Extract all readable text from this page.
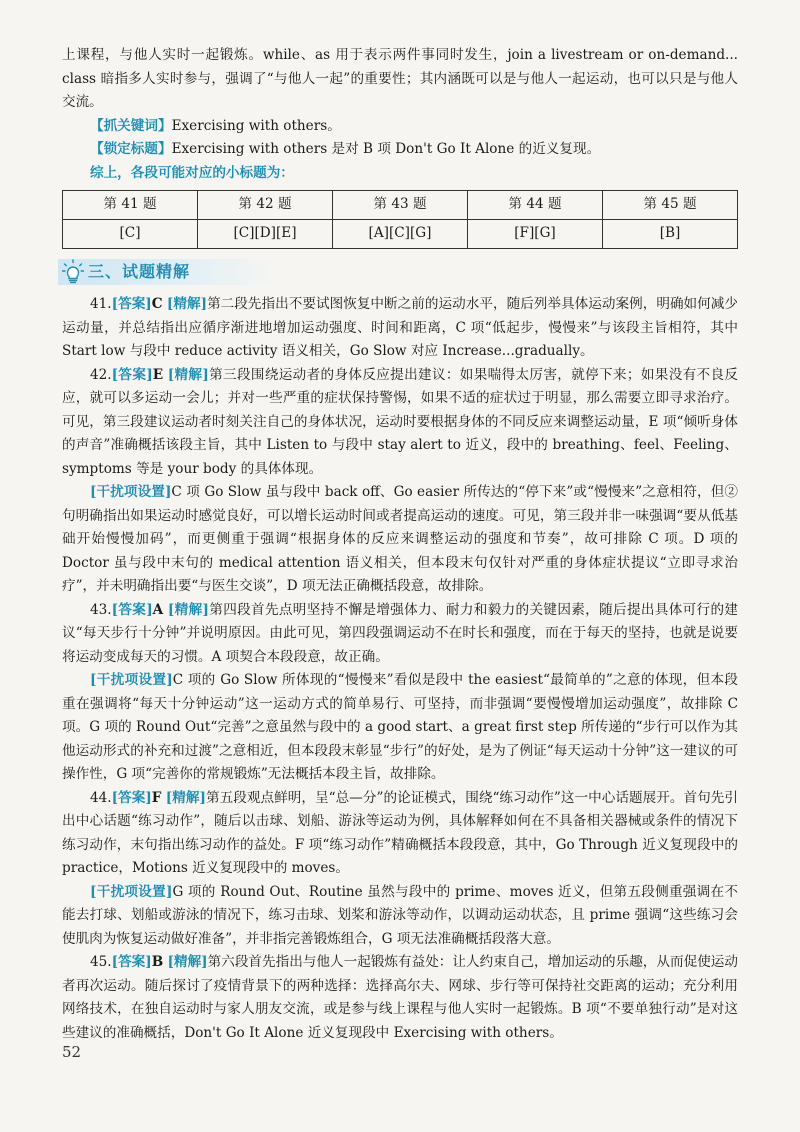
上课程，与他人实时一起锻炼。while、as 用于表示两件事同时发生，join a livestream or on-demand... class 暗指多人实时参与，强调了“与他人一起”的重要性；其内涵既可以是与他人一起运动，也可以只是与他人交流。

【抓关键词】Exercising with others。

【锁定标题】Exercising with others 是对 B 项 Don't Go It Alone 的近义复现。

综上，各段可能对应的小标题为：

第 41 题	第 42 题	第 43 题	第 44 题	第 45 题
[C]	[C][D][E]	[A][C][G]	[F][G]	[B]
三、试题精解

41.[答案]C [精解]第二段先指出不要试图恢复中断之前的运动水平，随后列举具体运动案例，明确如何减少运动量，并总结指出应循序渐进地增加运动强度、时间和距离，C 项“低起步，慢慢来”与该段主旨相符，其中 Start low 与段中 reduce activity 语义相关，Go Slow 对应 Increase...gradually。

42.[答案]E [精解]第三段围绕运动者的身体反应提出建议：如果喘得太厉害，就停下来；如果没有不良反应，就可以多运动一会儿；并对一些严重的症状保持警惕，如果不适的症状过于明显，那么需要立即寻求治疗。可见，第三段建议运动者时刻关注自己的身体状况，运动时要根据身体的不同反应来调整运动量，E 项“倾听身体的声音”准确概括该段主旨，其中 Listen to 与段中 stay alert to 近义，段中的 breathing、feel、Feeling、symptoms 等是 your body 的具体体现。

[干扰项设置]C 项 Go Slow 虽与段中 back off、Go easier 所传达的“停下来”或“慢慢来”之意相符，但②句明确指出如果运动时感觉良好，可以增长运动时间或者提高运动的速度。可见，第三段并非一味强调“要从低基础开始慢慢加码”，而更侧重于强调“根据身体的反应来调整运动的强度和节奏”，故可排除 C 项。D 项的 Doctor 虽与段中末句的 medical attention 语义相关，但本段末句仅针对严重的身体症状提议“立即寻求治疗”，并未明确指出要“与医生交谈”，D 项无法正确概括段意，故排除。

43.[答案]A [精解]第四段首先点明坚持不懈是增强体力、耐力和毅力的关键因素，随后提出具体可行的建议“每天步行十分钟”并说明原因。由此可见，第四段强调运动不在时长和强度，而在于每天的坚持，也就是说要将运动变成每天的习惯。A 项契合本段段意，故正确。

[干扰项设置]C 项的 Go Slow 所体现的“慢慢来”看似是段中 the easiest“最简单的”之意的体现，但本段重在强调将“每天十分钟运动”这一运动方式的简单易行、可坚持，而非强调“要慢慢增加运动强度”，故排除 C 项。G 项的 Round Out“完善”之意虽然与段中的 a good start、a great first step 所传递的“步行可以作为其他运动形式的补充和过渡”之意相近，但本段段末彰显“步行”的好处，是为了例证“每天运动十分钟”这一建议的可操作性，G 项“完善你的常规锻炼”无法概括本段主旨，故排除。

44.[答案]F [精解]第五段观点鲜明，呈“总—分”的论证模式，围绕“练习动作”这一中心话题展开。首句先引出中心话题“练习动作”，随后以击球、划船、游泳等运动为例，具体解释如何在不具备相关器械或条件的情况下练习动作，末句指出练习动作的益处。F 项“练习动作”精确概括本段段意，其中，Go Through 近义复现段中的 practice，Motions 近义复现段中的 moves。

[干扰项设置]G 项的 Round Out、Routine 虽然与段中的 prime、moves 近义，但第五段侧重强调在不能去打球、划船或游泳的情况下，练习击球、划桨和游泳等动作，以调动运动状态，且 prime 强调“这些练习会使肌肉为恢复运动做好准备”，并非指完善锻炼组合，G 项无法准确概括段落大意。

45.[答案]B [精解]第六段首先指出与他人一起锻炼有益处：让人约束自己，增加运动的乐趣，从而促使运动者再次运动。随后探讨了疫情背景下的两种选择：选择高尔夫、网球、步行等可保持社交距离的运动；充分利用网络技术，在独自运动时与家人朋友交流，或是参与线上课程与他人实时一起锻炼。B 项“不要单独行动”是对这些建议的准确概括，Don't Go It Alone 近义复现段中 Exercising with others。

52
